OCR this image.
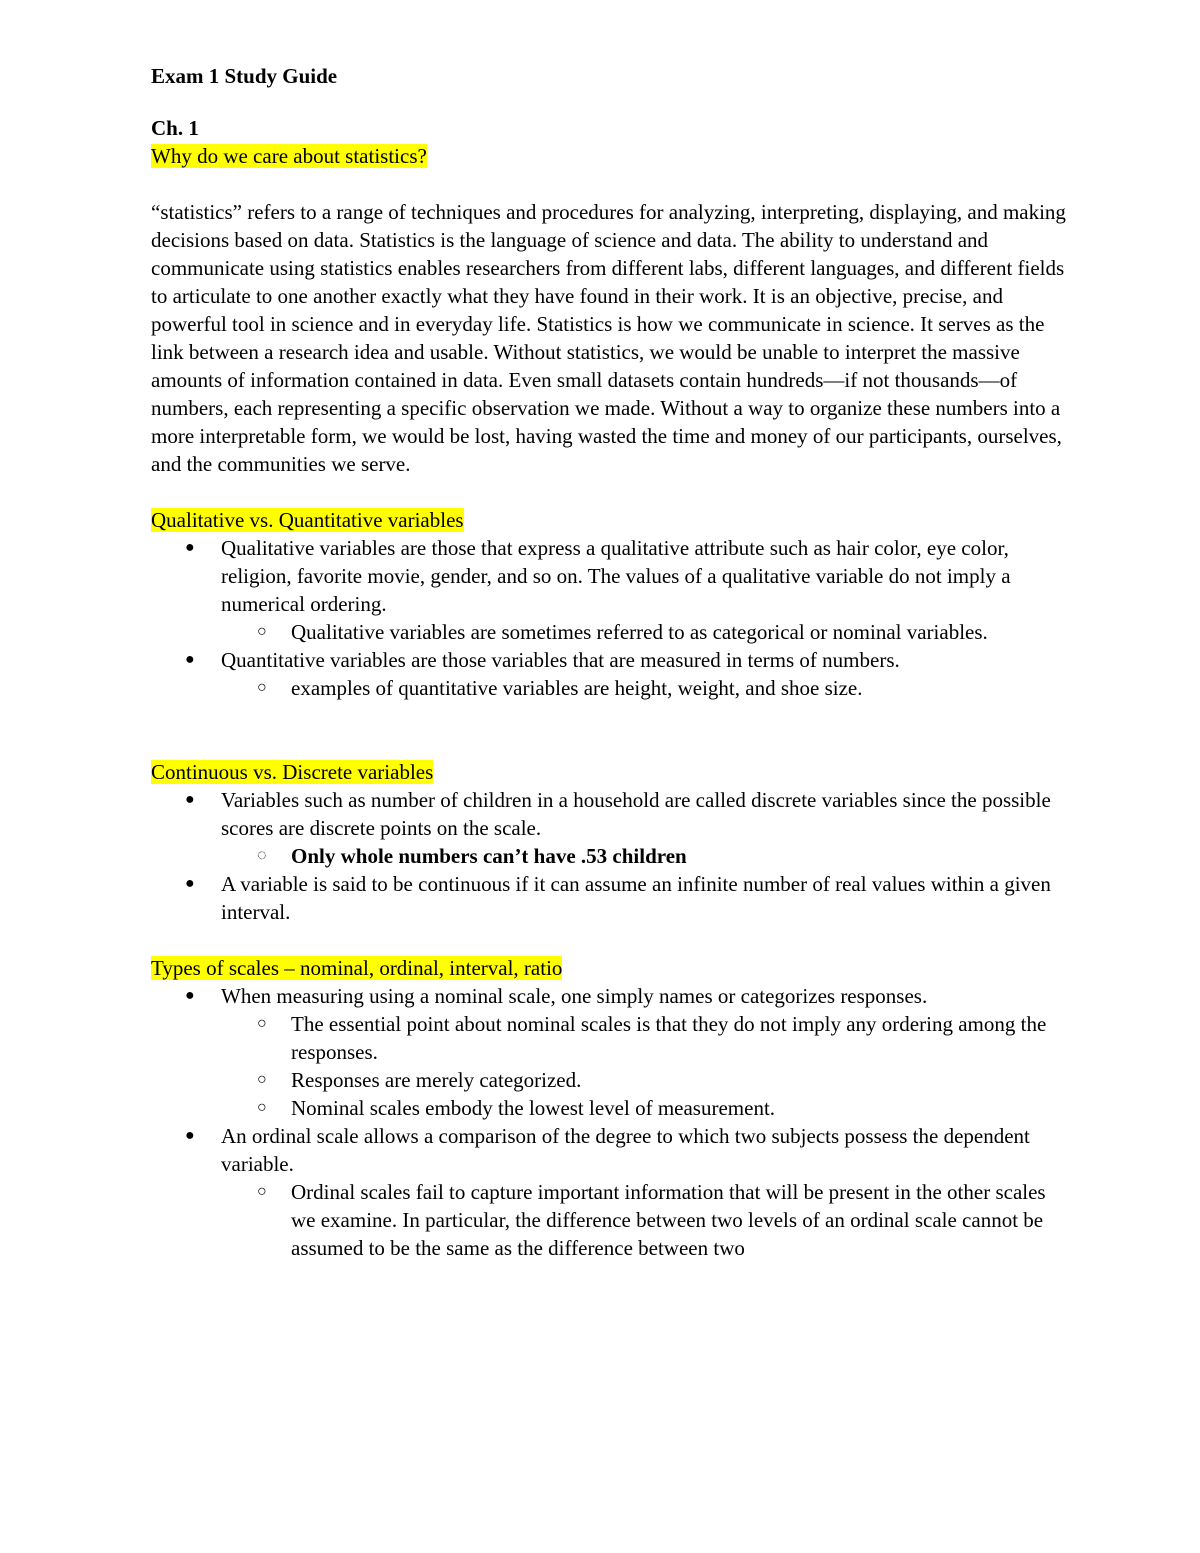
Exam 1 Study Guide

Ch. 1

Why do we care about statistics?

“statistics” refers to a range of techniques and procedures for analyzing, interpreting, displaying, and making decisions based on data. Statistics is the language of science and data. The ability to understand and communicate using statistics enables researchers from different labs, different languages, and different fields to articulate to one another exactly what they have found in their work. It is an objective, precise, and powerful tool in science and in everyday life. Statistics is how we communicate in science. It serves as the link between a research idea and usable. Without statistics, we would be unable to interpret the massive amounts of information contained in data. Even small datasets contain hundreds—if not thousands—of numbers, each representing a specific observation we made. Without a way to organize these numbers into a more interpretable form, we would be lost, having wasted the time and money of our participants, ourselves, and the communities we serve.

Qualitative vs. Quantitative variables

● Qualitative variables are those that express a qualitative attribute such as hair color, eye color, religion, favorite movie, gender, and so on. The values of a qualitative variable do not imply a numerical ordering.
○ Qualitative variables are sometimes referred to as categorical or nominal variables.
● Quantitative variables are those variables that are measured in terms of numbers.
○ examples of quantitative variables are height, weight, and shoe size.

Continuous vs. Discrete variables

● Variables such as number of children in a household are called discrete variables since the possible scores are discrete points on the scale.
◌ Only whole numbers can’t have .53 children
● A variable is said to be continuous if it can assume an infinite number of real values within a given interval.

Types of scales – nominal, ordinal, interval, ratio

● When measuring using a nominal scale, one simply names or categorizes responses.
○ The essential point about nominal scales is that they do not imply any ordering among the responses.
○ Responses are merely categorized.
○ Nominal scales embody the lowest level of measurement.
● An ordinal scale allows a comparison of the degree to which two subjects possess the dependent variable.
○ Ordinal scales fail to capture important information that will be present in the other scales we examine. In particular, the difference between two levels of an ordinal scale cannot be assumed to be the same as the difference between two
